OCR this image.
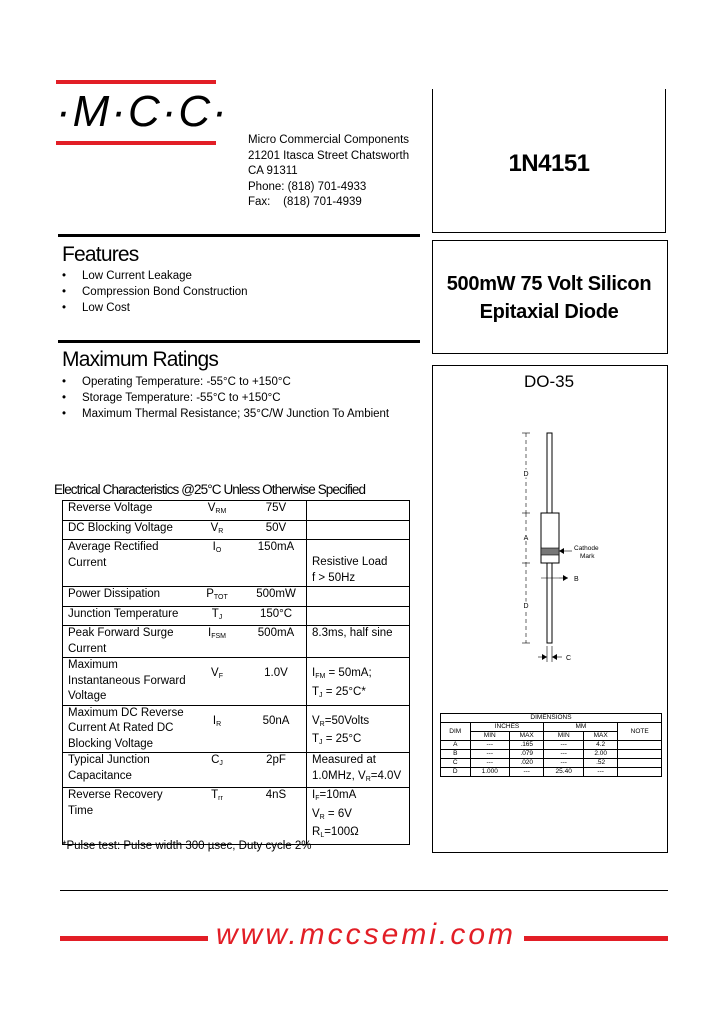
·M·C·C·
Micro Commercial Components
21201 Itasca Street Chatsworth
CA 91311
Phone: (818) 701-4933
Fax:    (818) 701-4939
1N4151
500mW 75 Volt Silicon
Epitaxial Diode
Features
• Low Current Leakage
• Compression Bond Construction
• Low Cost
Maximum Ratings
• Operating Temperature: -55°C to +150°C
• Storage Temperature: -55°C to +150°C
• Maximum Thermal Resistance; 35°C/W Junction To Ambient
Electrical Characteristics @25°C Unless Otherwise Specified
Reverse Voltage	$V_{RM}$	75V	
DC Blocking Voltage	$V_R$	50V	
Average Rectified Current	$I_O$	150mA	Resistive Load
f > 50Hz

Power Dissipation	$P_{TOT}$	500mW	
Junction Temperature	$T_J$	150°C	
Peak Forward Surge Current	$I_{FSM}$	500mA	8.3ms, half sine
Maximum Instantaneous Forward Voltage	$V_F$	1.0V	$I_{FM} = 50mA$;
$T_J = 25^\circ C*$

Maximum DC Reverse Current At Rated DC Blocking Voltage	$I_R$	50nA	$V_R=50Volts$
$T_J = 25^\circ C$

Typical Junction Capacitance	$C_J$	2pF	Measured at
1.0MHz, $V_R=4.0V$

Reverse Recovery Time	$T_{rr}$	4nS	$I_F=10mA$
$V_R = 6V$
$R_L=100\Omega$
*Pulse test: Pulse width 300 µsec, Duty cycle 2%
DO-35
D
A
D
B
C
Cathode Mark
DIMENSIONS					
DIM	INCHES		MM		NOTE
	MIN	MAX	MIN	MAX	
A	---	.165	---	4.2	
B	---	.079	---	2.00	
C	---	.020	---	.52	
D	1.000	---	25.40	---	
www.mccsemi.com
